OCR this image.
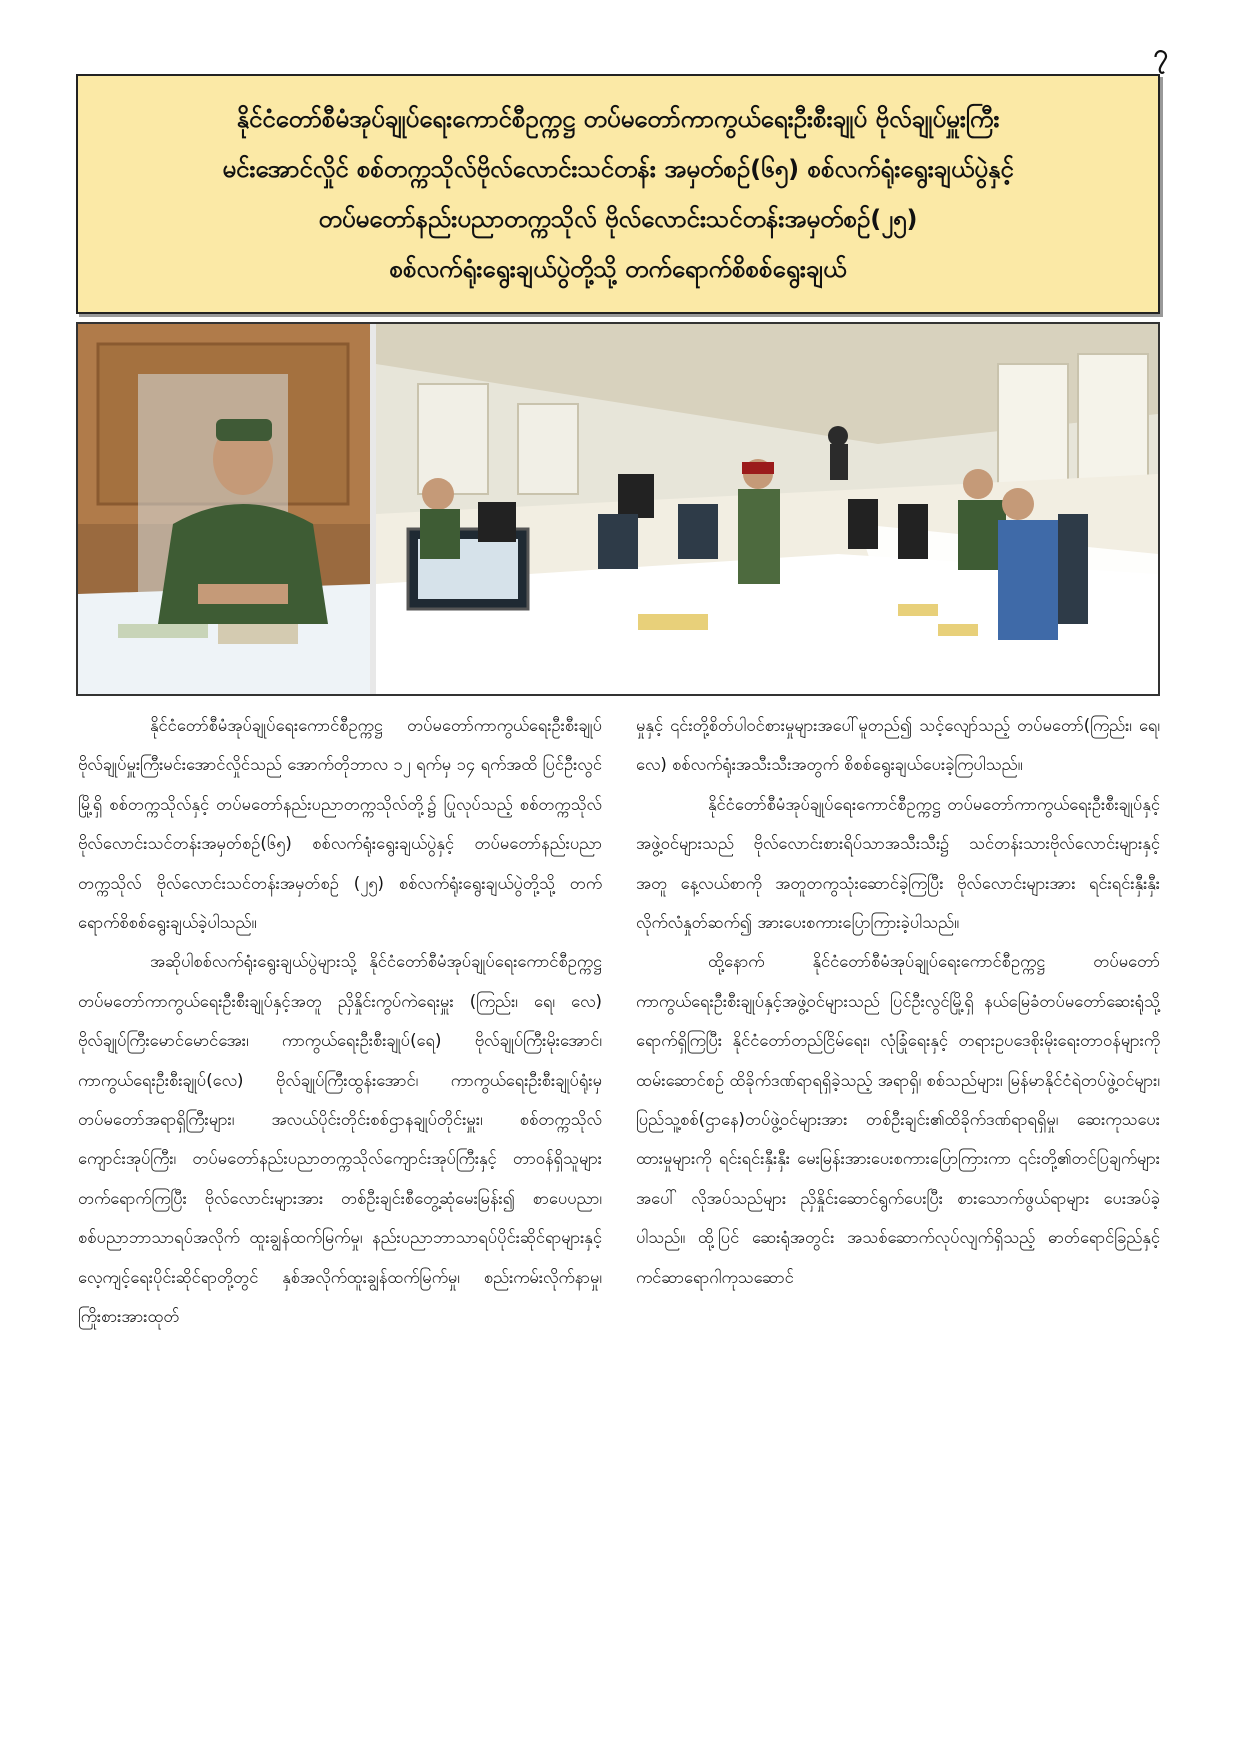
၇
နိုင်ငံတော်စီမံအုပ်ချုပ်ရေးကောင်စီဥက္ကဋ္ဌ တပ်မတော်ကာကွယ်ရေးဦးစီးချုပ် ဗိုလ်ချုပ်မှူးကြီး
မင်းအောင်လှိုင် စစ်တက္ကသိုလ်ဗိုလ်လောင်းသင်တန်း အမှတ်စဉ်(၆၅) စစ်လက်ရုံးရွေးချယ်ပွဲနှင့်
တပ်မတော်နည်းပညာတက္ကသိုလ် ဗိုလ်လောင်းသင်တန်းအမှတ်စဉ်(၂၅)
စစ်လက်ရုံးရွေးချယ်ပွဲတို့သို့ တက်ရောက်စိစစ်ရွေးချယ်

နိုင်ငံတော်စီမံအုပ်ချုပ်ရေးကောင်စီဥက္ကဋ္ဌ တပ်မတော်ကာကွယ်ရေးဦးစီးချုပ် ဗိုလ်ချုပ်မှူးကြီးမင်းအောင်လှိုင်သည် အောက်တိုဘာလ ၁၂ ရက်မှ ၁၄ ရက်အထိ ပြင်ဦးလွင်မြို့ရှိ စစ်တက္ကသိုလ်နှင့် တပ်မတော်နည်းပညာတက္ကသိုလ်တို့၌ ပြုလုပ်သည့် စစ်တက္ကသိုလ်ဗိုလ်လောင်းသင်တန်းအမှတ်စဉ်(၆၅) စစ်လက်ရုံးရွေးချယ်ပွဲနှင့် တပ်မတော်နည်းပညာတက္ကသိုလ် ဗိုလ်လောင်းသင်တန်းအမှတ်စဉ် (၂၅) စစ်လက်ရုံးရွေးချယ်ပွဲတို့သို့ တက်ရောက်စိစစ်ရွေးချယ်ခဲ့ပါသည်။

အဆိုပါစစ်လက်ရုံးရွေးချယ်ပွဲများသို့ နိုင်ငံတော်စီမံအုပ်ချုပ်ရေးကောင်စီဥက္ကဋ္ဌ တပ်မတော်ကာကွယ်ရေးဦးစီးချုပ်နှင့်အတူ ညှိနှိုင်းကွပ်ကဲရေးမှူး (ကြည်း၊ ရေ၊ လေ) ဗိုလ်ချုပ်ကြီးမောင်မောင်အေး၊ ကာကွယ်ရေးဦးစီးချုပ်(ရေ) ဗိုလ်ချုပ်ကြီးမိုးအောင်၊ ကာကွယ်ရေးဦးစီးချုပ်(လေ) ဗိုလ်ချုပ်ကြီးထွန်းအောင်၊ ကာကွယ်ရေးဦးစီးချုပ်ရုံးမှ တပ်မတော်အရာရှိကြီးများ၊ အလယ်ပိုင်းတိုင်းစစ်ဌာနချုပ်တိုင်းမှူး၊ စစ်တက္ကသိုလ်ကျောင်းအုပ်ကြီး၊ တပ်မတော်နည်းပညာတက္ကသိုလ်ကျောင်းအုပ်ကြီးနှင့် တာဝန်ရှိသူများ တက်ရောက်ကြပြီး ဗိုလ်လောင်းများအား တစ်ဦးချင်းစီတွေ့ဆုံမေးမြန်း၍ စာပေပညာ၊ စစ်ပညာဘာသာရပ်အလိုက် ထူးချွန်ထက်မြက်မှု၊ နည်းပညာဘာသာရပ်ပိုင်းဆိုင်ရာများနှင့် လေ့ကျင့်ရေးပိုင်းဆိုင်ရာတို့တွင် နှစ်အလိုက်ထူးချွန်ထက်မြက်မှု၊ စည်းကမ်းလိုက်နာမှု၊ ကြိုးစားအားထုတ်

မှုနှင့် ၎င်းတို့စိတ်ပါဝင်စားမှုများအပေါ်မူတည်၍ သင့်လျော်သည့် တပ်မတော်(ကြည်း၊ ရေ၊ လေ) စစ်လက်ရုံးအသီးသီးအတွက် စိစစ်ရွေးချယ်ပေးခဲ့ကြပါသည်။

နိုင်ငံတော်စီမံအုပ်ချုပ်ရေးကောင်စီဥက္ကဋ္ဌ တပ်မတော်ကာကွယ်ရေးဦးစီးချုပ်နှင့်အဖွဲ့ဝင်များသည် ဗိုလ်လောင်းစားရိပ်သာအသီးသီး၌ သင်တန်းသားဗိုလ်လောင်းများနှင့်အတူ နေ့လယ်စာကို အတူတကွသုံးဆောင်ခဲ့ကြပြီး ဗိုလ်လောင်းများအား ရင်းရင်းနှီးနှီး လိုက်လံနှုတ်ဆက်၍ အားပေးစကားပြောကြားခဲ့ပါသည်။

ထို့နောက် နိုင်ငံတော်စီမံအုပ်ချုပ်ရေးကောင်စီဥက္ကဋ္ဌ တပ်မတော်ကာကွယ်ရေးဦးစီးချုပ်နှင့်အဖွဲ့ဝင်များသည် ပြင်ဦးလွင်မြို့ရှိ နယ်မြေခံတပ်မတော်ဆေးရုံသို့ ရောက်ရှိကြပြီး နိုင်ငံတော်တည်ငြိမ်ရေး၊ လုံခြုံရေးနှင့် တရားဥပဒေစိုးမိုးရေးတာဝန်များကို ထမ်းဆောင်စဉ် ထိခိုက်ဒဏ်ရာရရှိခဲ့သည့် အရာရှိ၊ စစ်သည်များ၊ မြန်မာနိုင်ငံရဲတပ်ဖွဲ့ဝင်များ၊ ပြည်သူ့စစ်(ဌာနေ)တပ်ဖွဲ့ဝင်များအား တစ်ဦးချင်း၏ထိခိုက်ဒဏ်ရာရရှိမှု၊ ဆေးကုသပေးထားမှုများကို ရင်းရင်းနှီးနှီး မေးမြန်းအားပေးစကားပြောကြားကာ ၎င်းတို့၏တင်ပြချက်များအပေါ် လိုအပ်သည်များ ညှိနှိုင်းဆောင်ရွက်ပေးပြီး စားသောက်ဖွယ်ရာများ ပေးအပ်ခဲ့ပါသည်။ ထို့ပြင် ဆေးရုံအတွင်း အသစ်ဆောက်လုပ်လျက်ရှိသည့် ဓာတ်ရောင်ခြည်နှင့် ကင်ဆာရောဂါကုသဆောင်
